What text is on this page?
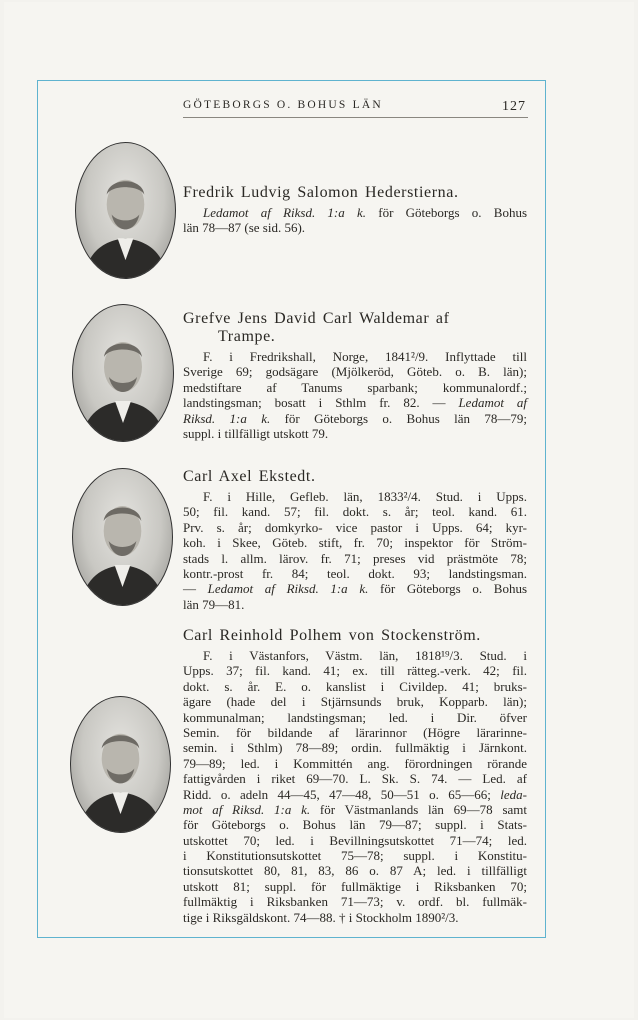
GÖTEBORGS O. BOHUS LÄN	127
Fredrik Ludvig Salomon Hederstierna.
Ledamot af Riksd. 1:a k. för Göteborgs o. Bohus
län 78—87 (se sid. 56).
Grefve Jens David Carl Waldemar af
Trampe.
F. i Fredrikshall, Norge, 1841²/9. Inflyttade till
Sverige 69; godsägare (Mjölkeröd, Göteb. o. B. län);
medstiftare af Tanums sparbank; kommunalordf.;
landstingsman; bosatt i Sthlm fr. 82. — Ledamot af
Riksd. 1:a k. för Göteborgs o. Bohus län 78—79;
suppl. i tillfälligt utskott 79.
Carl Axel Ekstedt.
F. i Hille, Gefleb. län, 1833²/4. Stud. i Upps.
50; fil. kand. 57; fil. dokt. s. år; teol. kand. 61.
Prv. s. år; domkyrko- vice pastor i Upps. 64; kyr-
koh. i Skee, Göteb. stift, fr. 70; inspektor för Ström-
stads l. allm. lärov. fr. 71; preses vid prästmöte 78;
kontr.-prost fr. 84; teol. dokt. 93; landstingsman.
— Ledamot af Riksd. 1:a k. för Göteborgs o. Bohus
län 79—81.
Carl Reinhold Polhem von Stockenström.
F. i Västanfors, Västm. län, 1818¹⁹/3. Stud. i
Upps. 37; fil. kand. 41; ex. till rätteg.-verk. 42; fil.
dokt. s. år. E. o. kanslist i Civildep. 41; bruks-
ägare (hade del i Stjärnsunds bruk, Kopparb. län);
kommunalman; landstingsman; led. i Dir. öfver
Semin. för bildande af lärarinnor (Högre lärarinne-
semin. i Sthlm) 78—89; ordin. fullmäktig i Järnkont.
79—89; led. i Kommittén ang. förordningen rörande
fattigvården i riket 69—70. L. Sk. S. 74. — Led. af
Ridd. o. adeln 44—45, 47—48, 50—51 o. 65—66; leda-
mot af Riksd. 1:a k. för Västmanlands län 69—78 samt
för Göteborgs o. Bohus län 79—87; suppl. i Stats-
utskottet 70; led. i Bevillningsutskottet 71—74; led.
i Konstitutionsutskottet 75—78; suppl. i Konstitu-
tionsutskottet 80, 81, 83, 86 o. 87 A; led. i tillfälligt
utskott 81; suppl. för fullmäktige i Riksbanken 70;
fullmäktig i Riksbanken 71—73; v. ordf. bl. fullmäk-
tige i Riksgäldskont. 74—88. † i Stockholm 1890²/3.
